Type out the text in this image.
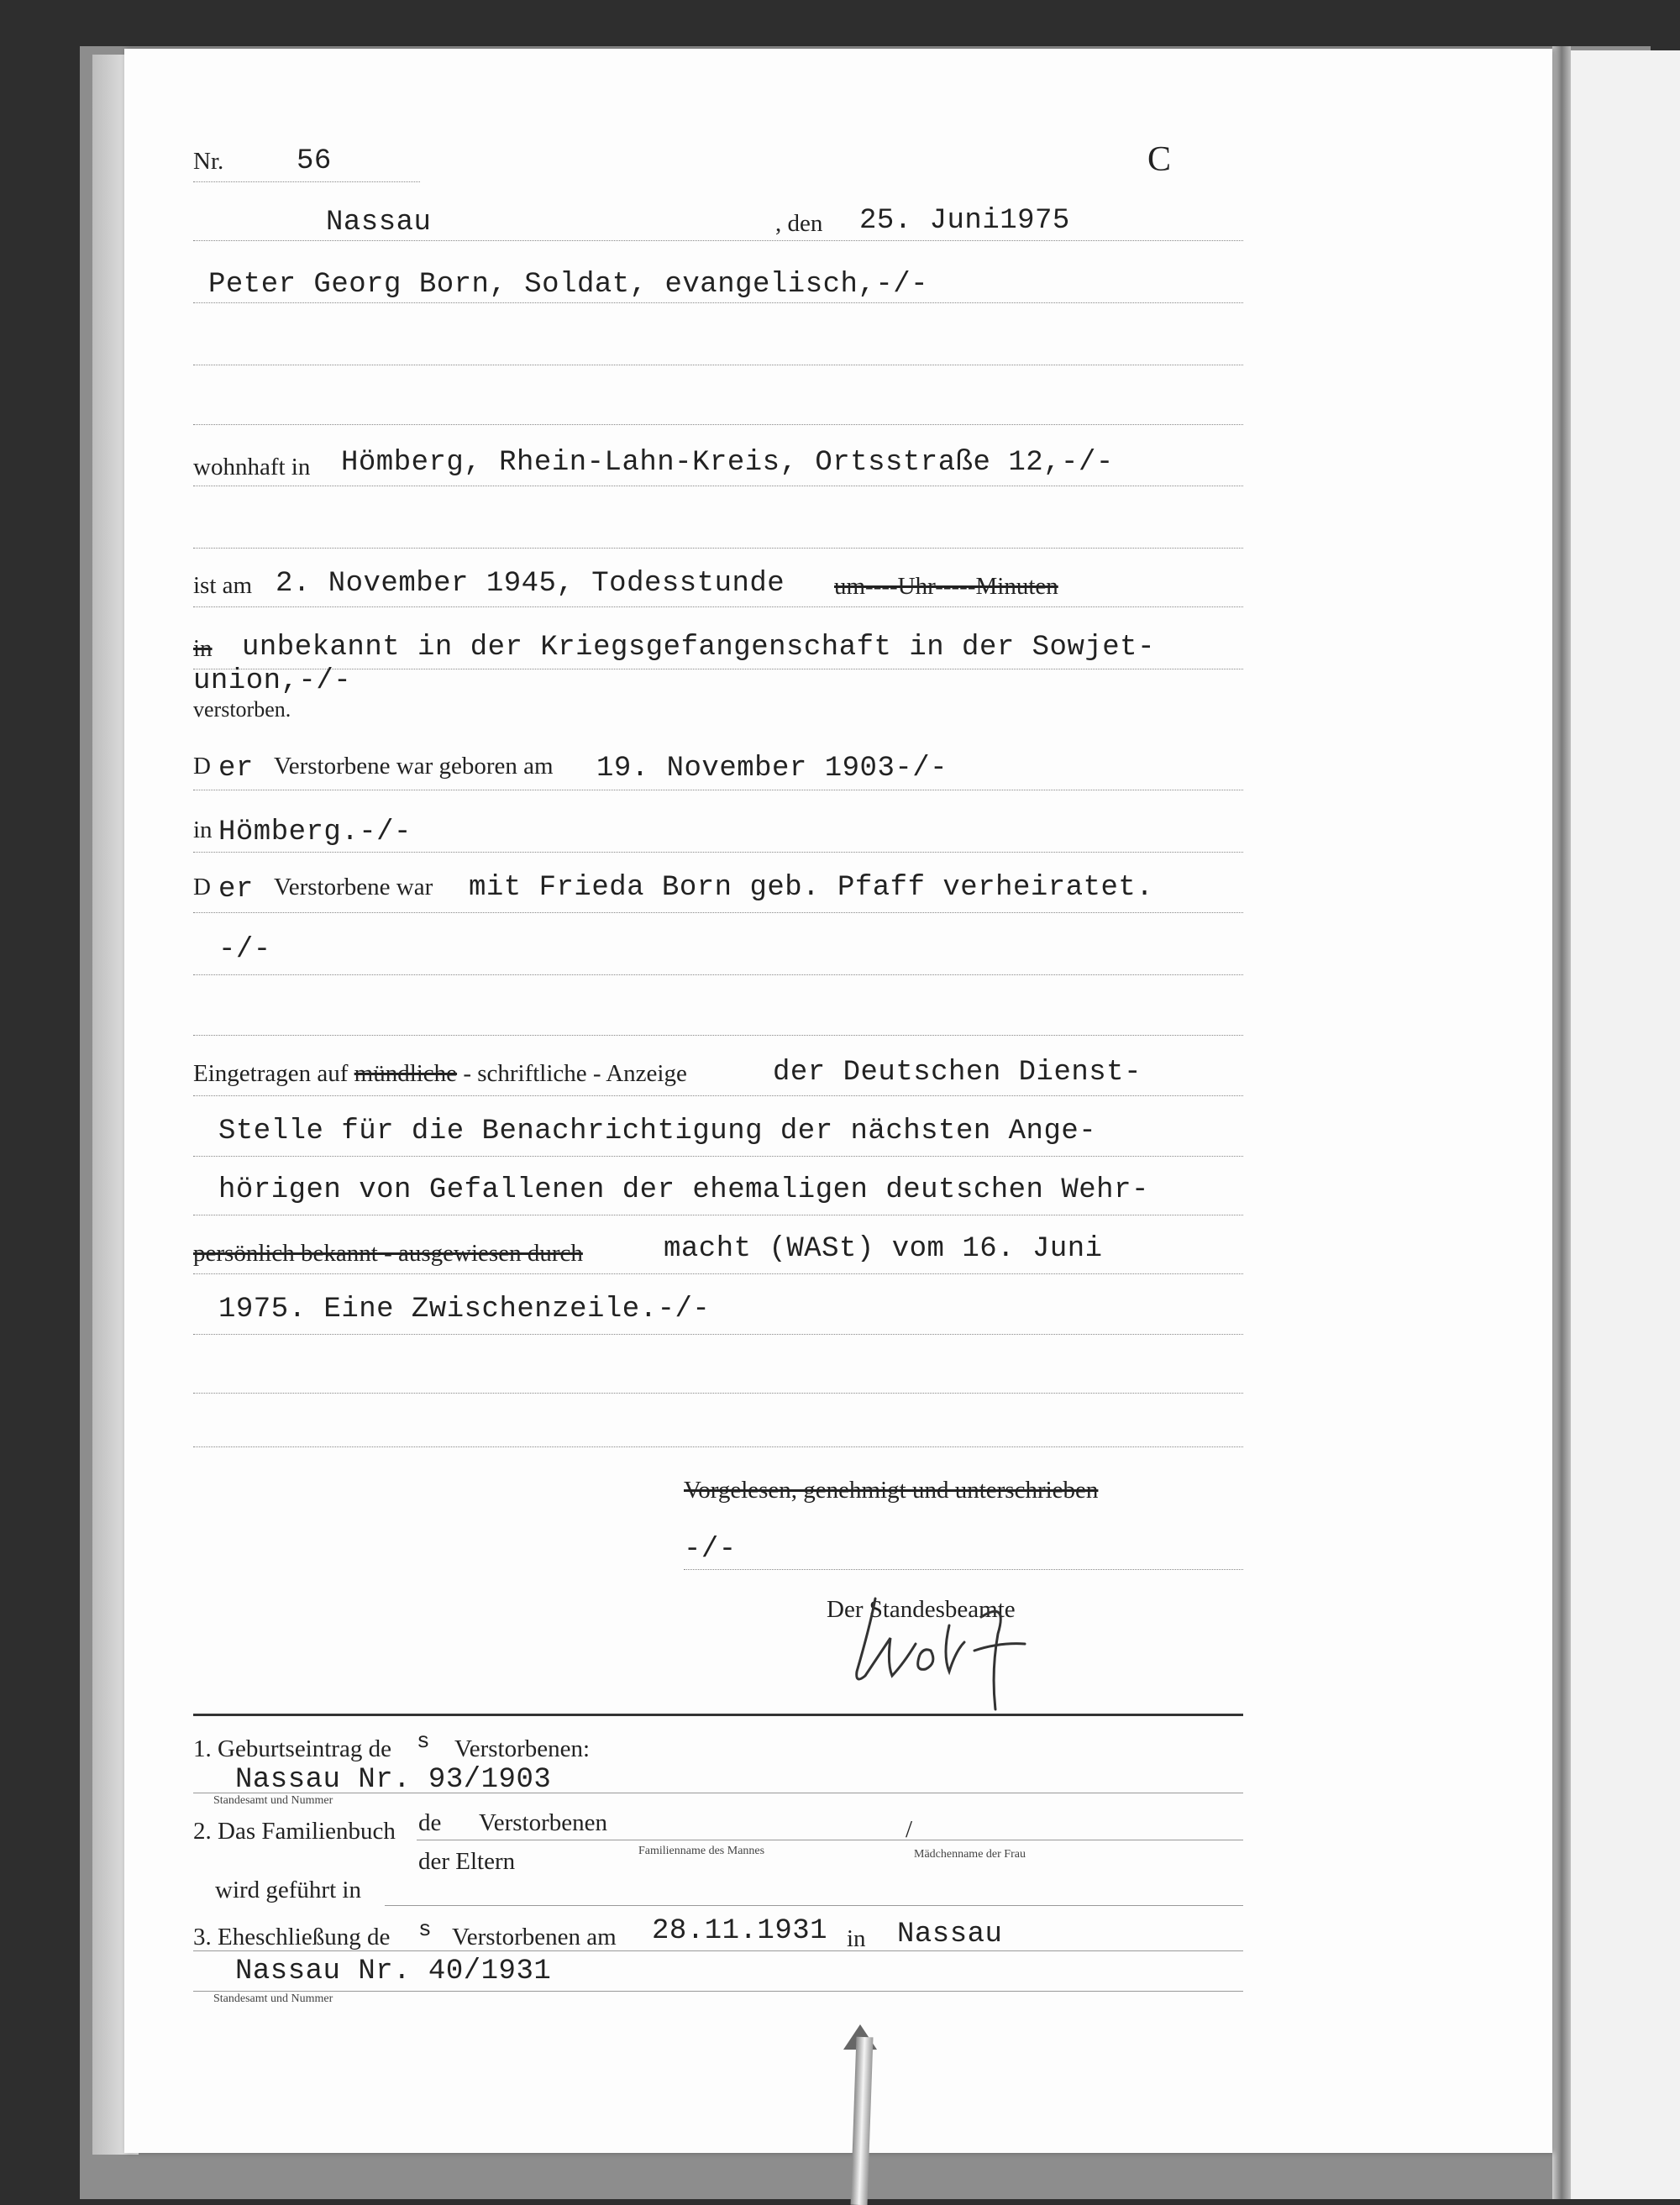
Nr.	56	C
Nassau	, den 25. Juni1975
Peter Georg Born, Soldat, evangelisch,-/-
wohnhaft in Hömberg, Rhein-Lahn-Kreis, Ortsstraße 12,-/-
ist am 2. November 1945, Todesstunde um----Uhr-----Minuten
in unbekannt in der Kriegsgefangenschaft in der Sowjet-
union,-/-
verstorben.
D er Verstorbene war geboren am 19. November 1903-/-
in Hömberg.-/-
D er Verstorbene war mit Frieda Born geb. Pfaff verheiratet.
-/-
Eingetragen auf mündliche - schriftliche - Anzeige	der Deutschen Dienst-
Stelle für die Benachrichtigung der nächsten Ange-
hörigen von Gefallenen der ehemaligen deutschen Wehr-
persönlich bekannt - ausgewiesen durch	macht (WASt) vom 16. Juni
1975. Eine Zwischenzeile.-/-
Vorgelesen, genehmigt und unterschrieben
-/-
Der Standesbeamte
1. Geburtseintrag de s Verstorbenen:
Nassau Nr. 93/1903
Standesamt und Nummer
2. Das Familienbuch de Verstorbenen	/
der Eltern	Familienname des Mannes	Mädchenname der Frau
wird geführt in
3. Eheschließung de s Verstorbenen am 28.11.1931 in Nassau
Nassau Nr. 40/1931
Standesamt und Nummer
